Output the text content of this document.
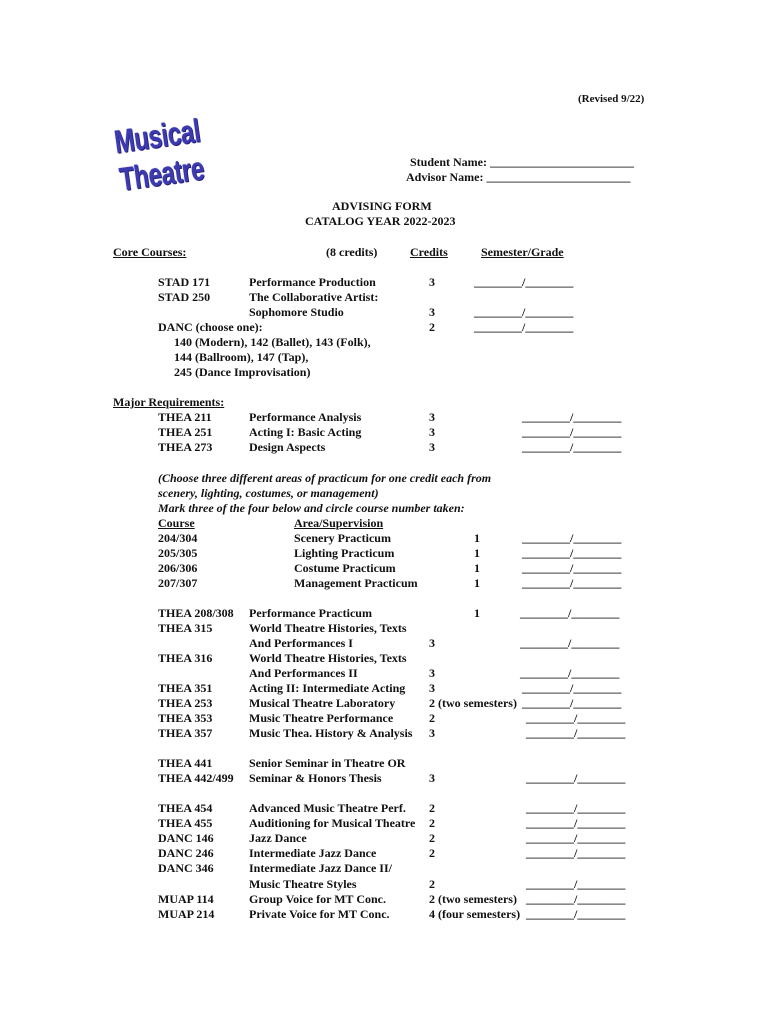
(Revised 9/22)
Musical Theatre	Student Name: ________________________
Advisor Name: ________________________
ADVISING FORM
CATALOG YEAR 2022-2023
Core Courses:	(8 credits)	Credits	Semester/Grade
STAD 171	Performance Production	3	________/________
STAD 250	The Collaborative Artist:
Sophomore Studio	3	________/________
DANC (choose one):	2	________/________
140 (Modern), 142 (Ballet), 143 (Folk),
144 (Ballroom), 147 (Tap),
245 (Dance Improvisation)
Major Requirements:
THEA 211	Performance Analysis	3	________/________
THEA 251	Acting I: Basic Acting	3	________/________
THEA 273	Design Aspects	3	________/________
(Choose three different areas of practicum for one credit each from
scenery, lighting, costumes, or management)
Mark three of the four below and circle course number taken:
Course	Area/Supervision
204/304	Scenery Practicum	1	________/________
205/305	Lighting Practicum	1	________/________
206/306	Costume Practicum	1	________/________
207/307	Management Practicum	1	________/________
THEA 208/308 Performance Practicum	1	________/________
THEA 315	World Theatre Histories, Texts
And Performances I	3	________/________
THEA 316	World Theatre Histories, Texts
And Performances II	3	________/________
THEA 351	Acting II: Intermediate Acting 3	________/________
THEA 253	Musical Theatre Laboratory	2 (two semesters) ________/________
THEA 353	Music Theatre Performance	2	________/________
THEA 357	Music Thea. History & Analysis 3	________/________
THEA 441	Senior Seminar in Theatre OR
THEA 442/499 Seminar & Honors Thesis	3	________/________
THEA 454	Advanced Music Theatre Perf. 2	________/________
THEA 455	Auditioning for Musical Theatre 2	________/________
DANC 146	Jazz Dance	2	________/________
DANC 246	Intermediate Jazz Dance	2	________/________
DANC 346	Intermediate Jazz Dance II/
Music Theatre Styles	2	________/________
MUAP 114	Group Voice for MT Conc.	2 (two semesters) ________/________
MUAP 214	Private Voice for MT Conc.	4 (four semesters) ________/________
